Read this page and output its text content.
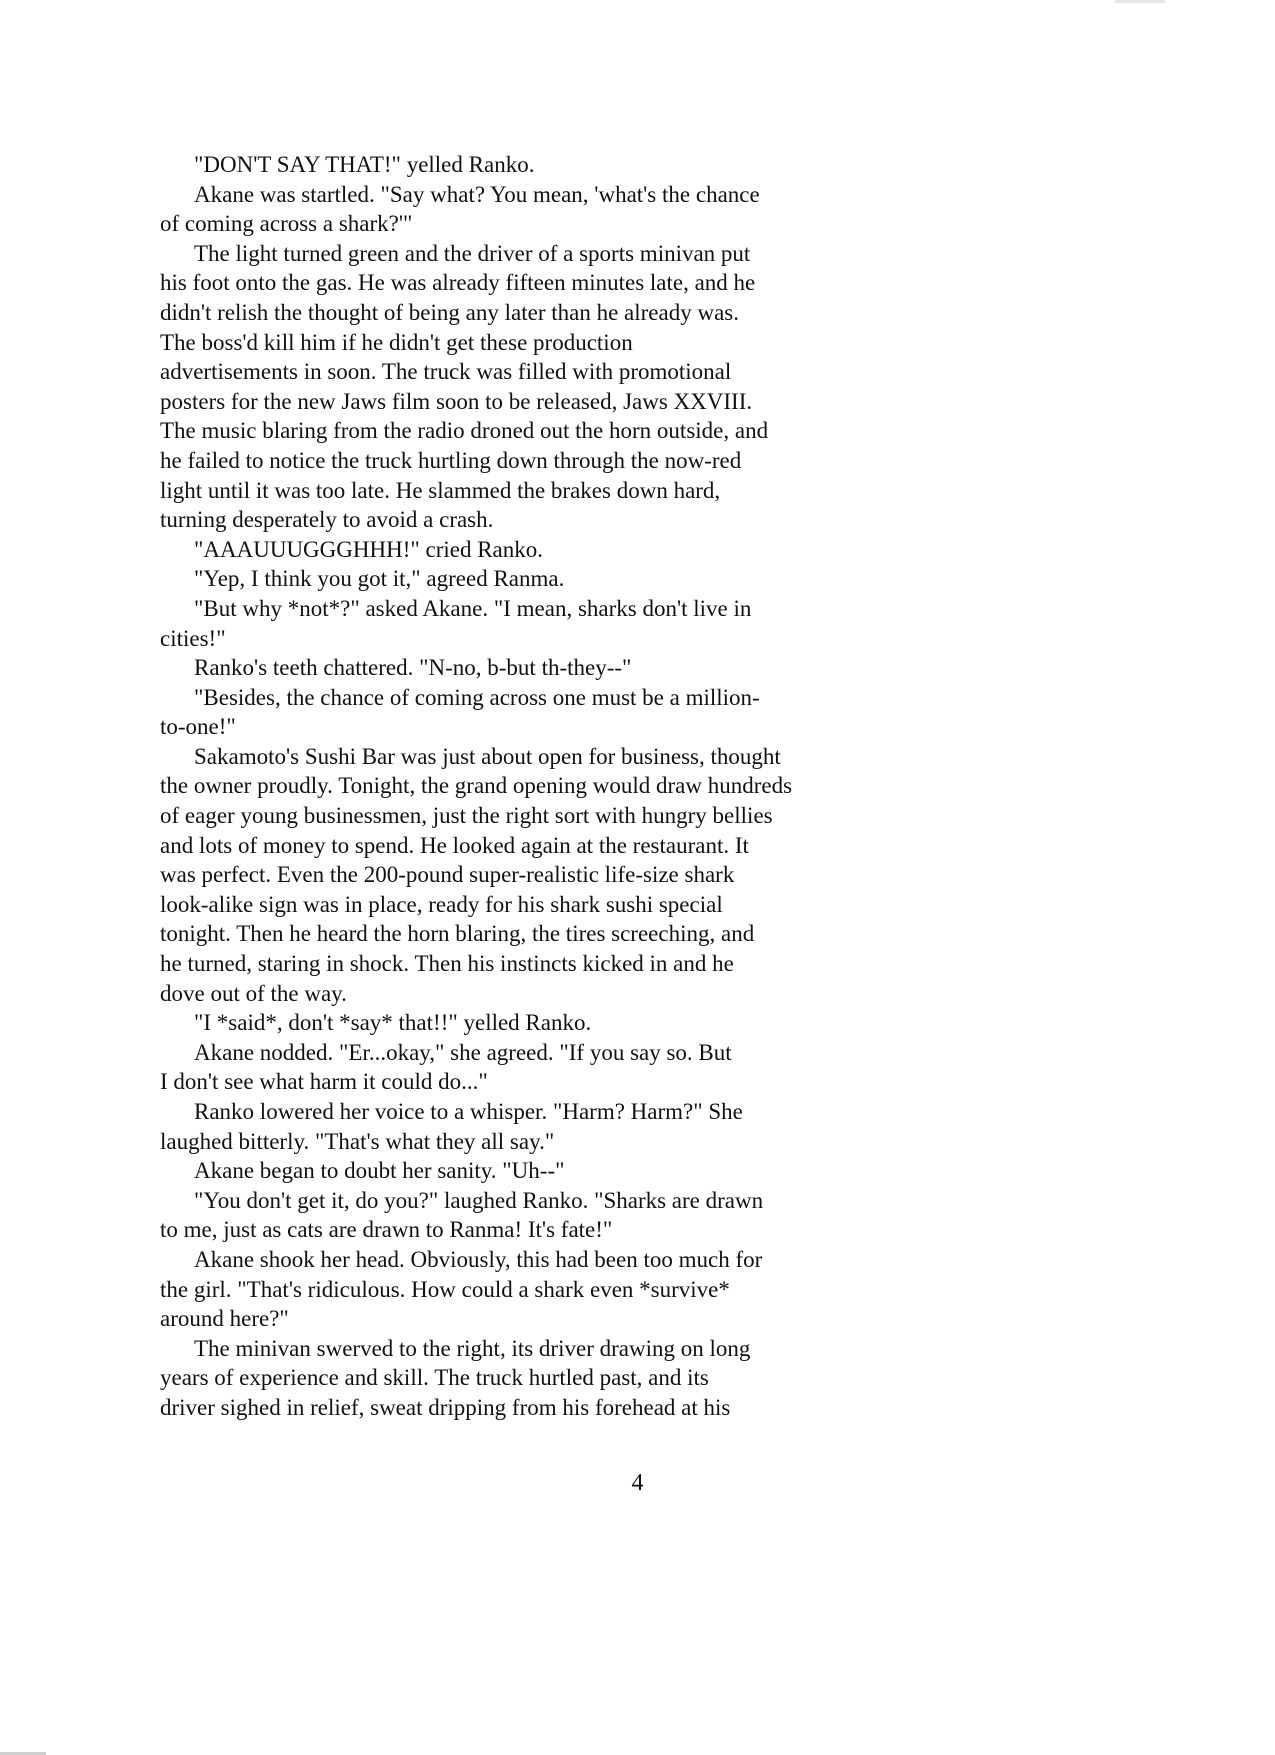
"DON'T SAY THAT!" yelled Ranko.
Akane was startled. "Say what? You mean, 'what's the chance
of coming across a shark?'"
The light turned green and the driver of a sports minivan put
his foot onto the gas. He was already fifteen minutes late, and he
didn't relish the thought of being any later than he already was.
The boss'd kill him if he didn't get these production
advertisements in soon. The truck was filled with promotional
posters for the new Jaws film soon to be released, Jaws XXVIII.
The music blaring from the radio droned out the horn outside, and
he failed to notice the truck hurtling down through the now-red
light until it was too late. He slammed the brakes down hard,
turning desperately to avoid a crash.
"AAAUUUGGGHHH!" cried Ranko.
"Yep, I think you got it," agreed Ranma.
"But why *not*?" asked Akane. "I mean, sharks don't live in
cities!"
Ranko's teeth chattered. "N-no, b-but th-they--"
"Besides, the chance of coming across one must be a million-
to-one!"
Sakamoto's Sushi Bar was just about open for business, thought
the owner proudly. Tonight, the grand opening would draw hundreds
of eager young businessmen, just the right sort with hungry bellies
and lots of money to spend. He looked again at the restaurant. It
was perfect. Even the 200-pound super-realistic life-size shark
look-alike sign was in place, ready for his shark sushi special
tonight. Then he heard the horn blaring, the tires screeching, and
he turned, staring in shock. Then his instincts kicked in and he
dove out of the way.
"I *said*, don't *say* that!!" yelled Ranko.
Akane nodded. "Er...okay," she agreed. "If you say so. But
I don't see what harm it could do..."
Ranko lowered her voice to a whisper. "Harm? Harm?" She
laughed bitterly. "That's what they all say."
Akane began to doubt her sanity. "Uh--"
"You don't get it, do you?" laughed Ranko. "Sharks are drawn
to me, just as cats are drawn to Ranma! It's fate!"
Akane shook her head. Obviously, this had been too much for
the girl. "That's ridiculous. How could a shark even *survive*
around here?"
The minivan swerved to the right, its driver drawing on long
years of experience and skill. The truck hurtled past, and its
driver sighed in relief, sweat dripping from his forehead at his
4
